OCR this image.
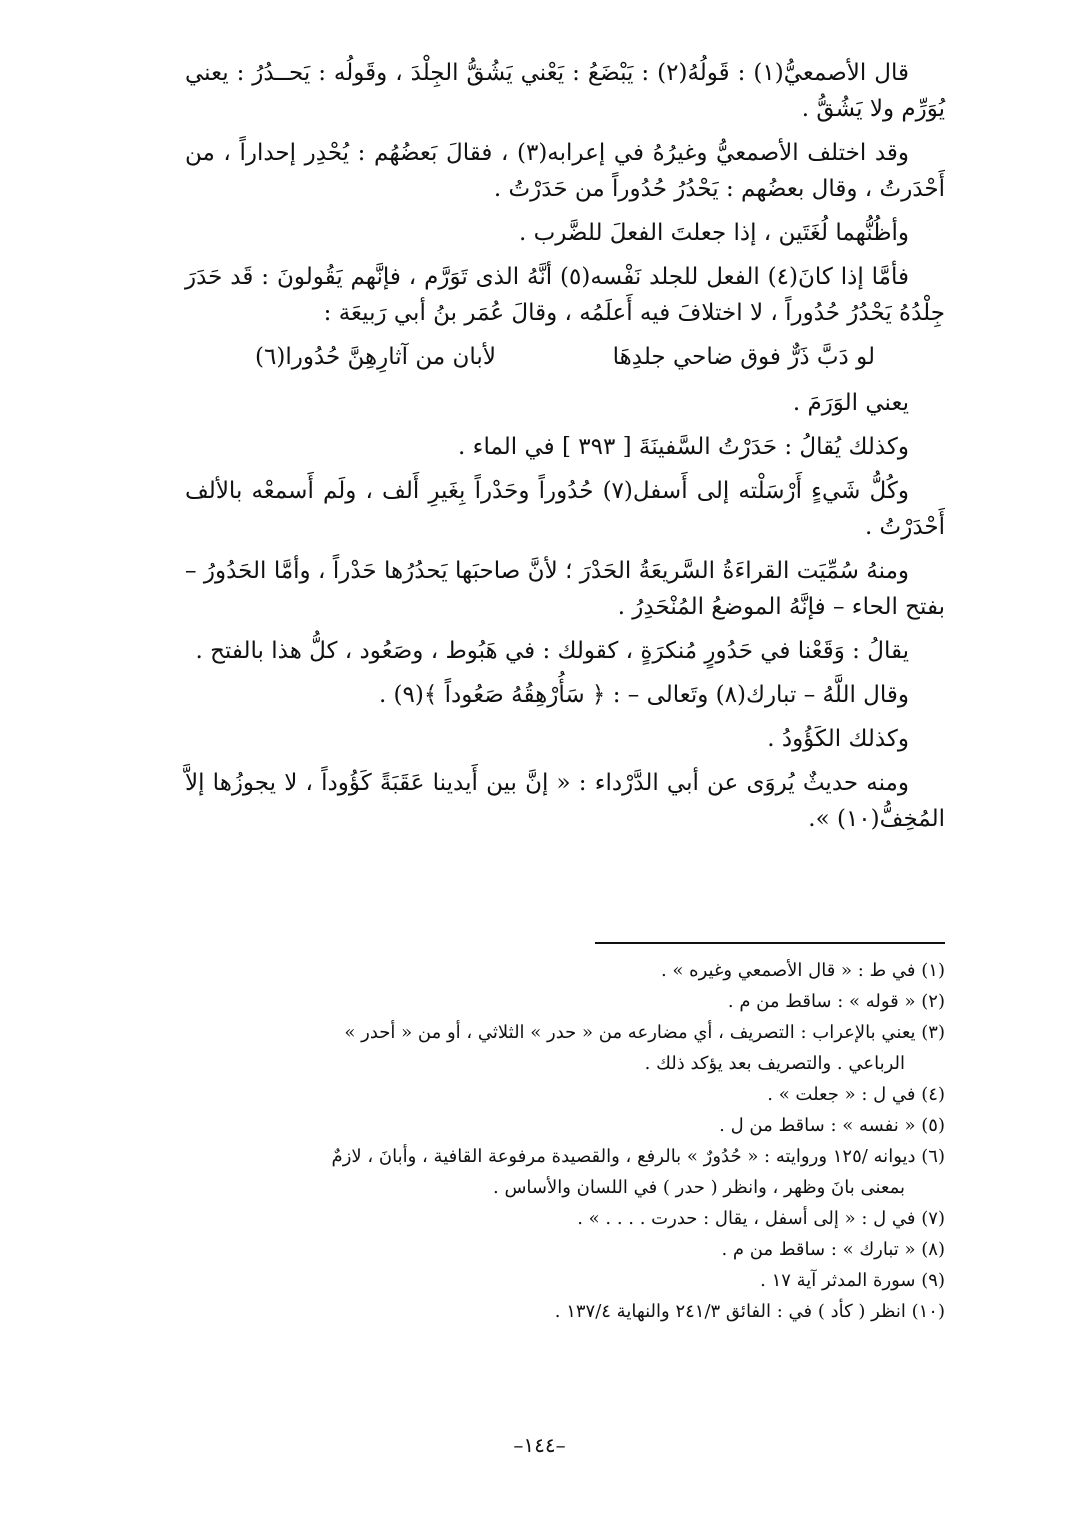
قال الأصمعيُّ(١) : قَولُهُ(٢) : يَبْضَعُ : يَعْني يَشُقُّ الجِلْدَ ، وقَولُه : يَحــدُرُ : يعني يُوَرِّم ولا يَشُقُّ .

وقد اختلف الأصمعيُّ وغيرُهُ في إعرابه(٣) ، فقالَ بَعضُهُم : يُحْدِر إحداراً ، من أَحْدَرتُ ، وقال بعضُهم : يَحْدُرُ حُدُوراً من حَدَرْتُ .

وأظُنُّهما لُغَتَين ، إذا جعلتَ الفعلَ للضَّرب .

فأمَّا إذا كانَ(٤) الفعل للجلد نَفْسه(٥) أنَّهُ الذى تَوَرَّم ، فإنَّهم يَقُولونَ : قَد حَدَرَ جِلْدُهُ يَحْدُرُ حُدُوراً ، لا اختلافَ فيه أَعلَمُه ، وقالَ عُمَر بنُ أبي رَبيعَة :

لو دَبَّ ذَرٌّ فوق ضاحي جلدِهَا
لأبان من آثارِهِنَّ حُدُورا(٦)

يعني الوَرَمَ .

وكذلك يُقالُ : حَدَرْتُ السَّفينَةَ [ ٣٩٣ ] في الماء .

وكُلُّ شَيءٍ أَرْسَلْته إلى أَسفل(٧) حُدُوراً وحَدْراً بِغَيرِ أَلف ، ولَم أَسمعْه بالألف أَحْدَرْتُ .

ومنهُ سُمِّيَت القراءَةُ السَّريعَةُ الحَدْرَ ؛ لأنَّ صاحبَها يَحدُرُها حَدْراً ، وأمَّا الحَدُورُ – بفتح الحاء – فإنَّهُ الموضعُ المُنْحَدِرُ .

يقالُ : وَقَعْنا في حَدُورٍ مُنكرَةٍ ، كقولك : في هَبُوط ، وصَعُود ، كلُّ هذا بالفتح .

وقال اللَّهُ – تبارك(٨) وتَعالى – : ﴿ سَأُرْهِقُهُ صَعُوداً ﴾(٩) .

وكذلك الكَؤُودُ .

ومنه حديثٌ يُروَى عن أبي الدَّرْداء : « إنَّ بين أَيدينا عَقَبَةً كَؤُوداً ، لا يجوزُها إلاَّ المُخِفُّ(١٠) ».

(١) في ط : « قال الأصمعي وغيره » .

(٢) « قوله » : ساقط من م .

(٣) يعني بالإعراب : التصريف ، أي مضارعه من « حدر » الثلاثي ، أو من « أحدر »
الرباعي . والتصريف بعد يؤكد ذلك .

(٤) في ل : « جعلت » .

(٥) « نفسه » : ساقط من ل .

(٦) ديوانه /١٢٥ وروايته : « حُدُورٌ » بالرفع ، والقصيدة مرفوعة القافية ، وأبانَ ، لازمٌ
بمعنى بانَ وظهر ، وانظر ( حدر ) في اللسان والأساس .

(٧) في ل : « إلى أسفل ، يقال : حدرت . . . . » .

(٨) « تبارك » : ساقط من م .

(٩) سورة المدثر آية ١٧ .

(١٠) انظر ( كأد ) في : الفائق ٢٤١/٣ والنهاية ١٣٧/٤ .

–١٤٤–
